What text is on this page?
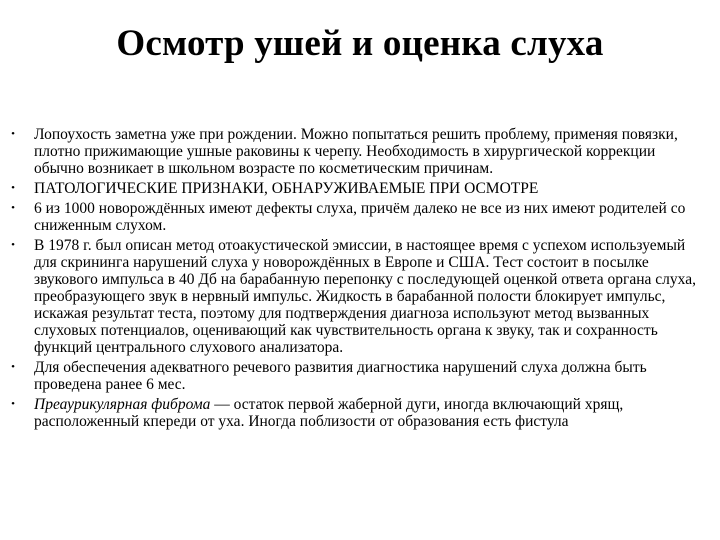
Осмотр ушей и оценка слуха
• Лопоухость заметна уже при рождении. Можно попытаться решить проблему, применяя повязки, плотно прижимающие ушные раковины к черепу. Необходимость в хирургической коррекции обычно возникает в школьном возрасте по косметическим причинам.
• ПАТОЛОГИЧЕСКИЕ ПРИЗНАКИ, ОБНАРУЖИВАЕМЫЕ ПРИ ОСМОТРЕ
• 6 из 1000 новорождённых имеют дефекты слуха, причём далеко не все из них имеют родителей со сниженным слухом.
• В 1978 г. был описан метод отоакустической эмиссии, в настоящее время с успехом используемый для скрининга нарушений слуха у новорождённых в Европе и США. Тест состоит в посылке звукового импульса в 40 Дб на барабанную перепонку с последующей оценкой ответа органа слуха, преобразующего звук в нервный импульс. Жидкость в барабанной полости блокирует импульс, искажая результат теста, поэтому для подтверждения диагноза используют метод вызванных слуховых потенциалов, оценивающий как чувствительность органа к звуку, так и сохранность функций центрального слухового анализатора.
• Для обеспечения адекватного речевого развития диагностика нарушений слуха должна быть проведена ранее 6 мес.
• Преаурикулярная фиброма — остаток первой жаберной дуги, иногда включающий хрящ, расположенный кпереди от уха. Иногда поблизости от образования есть фистула
